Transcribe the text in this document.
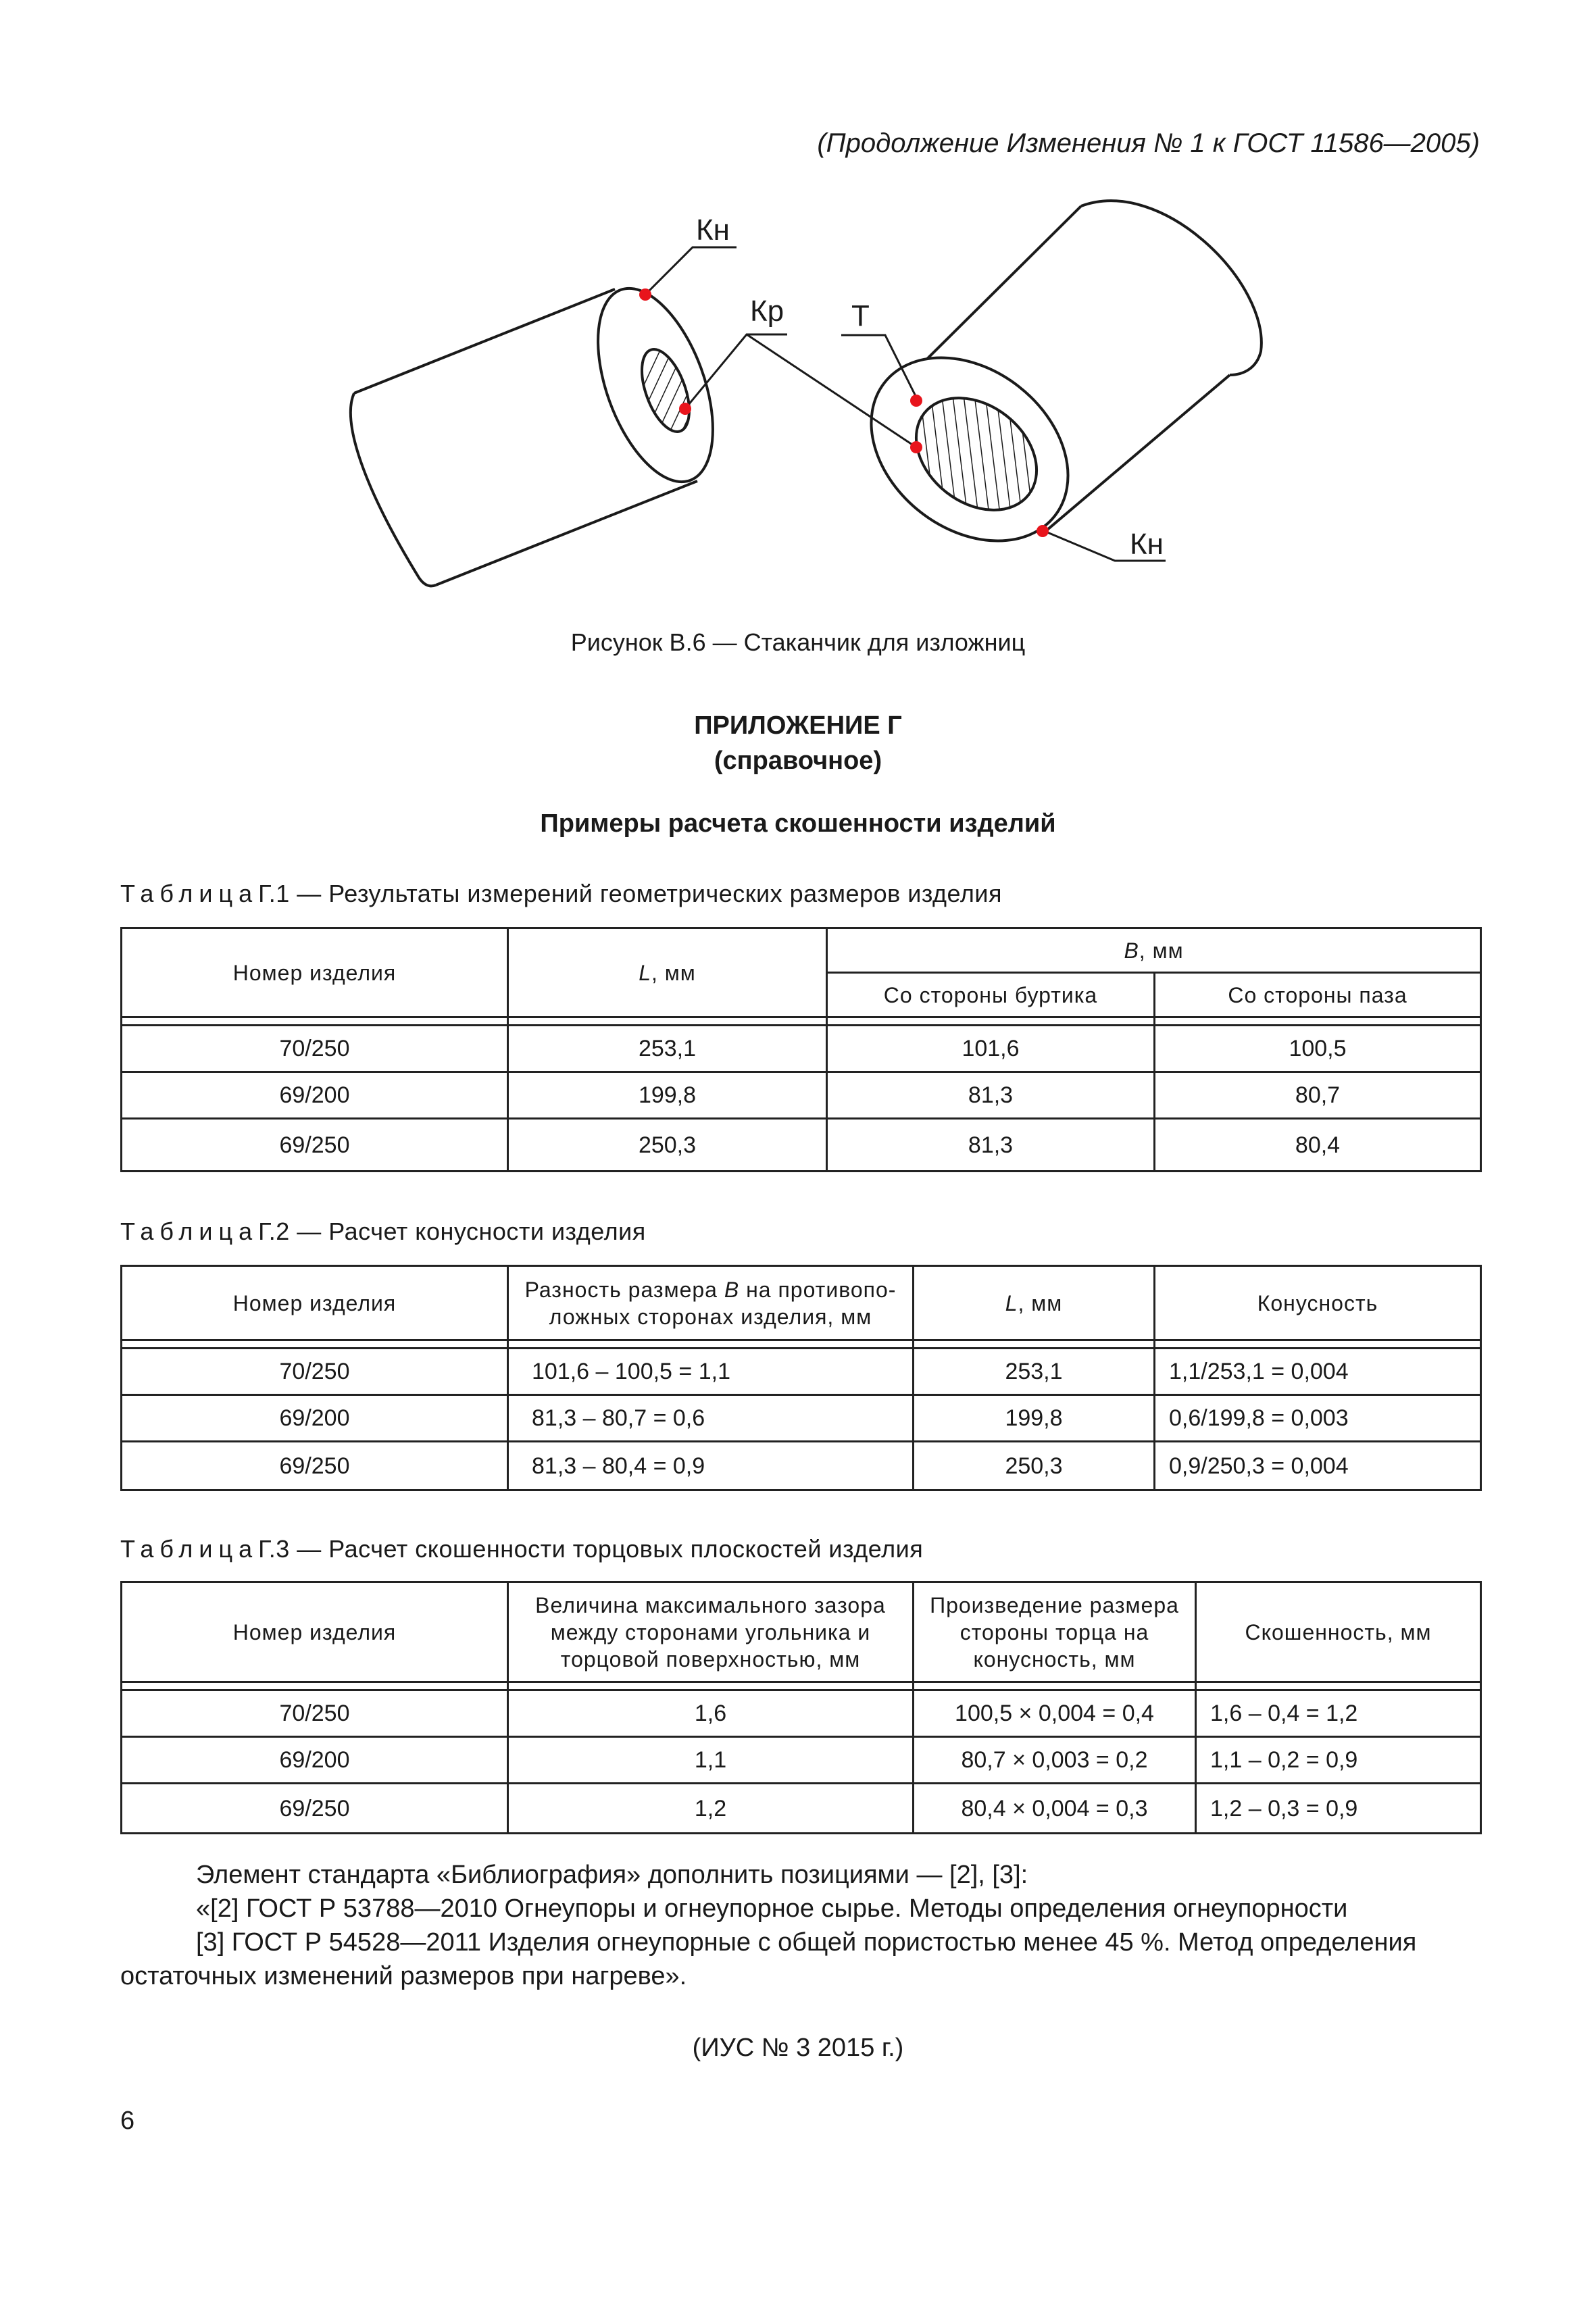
(Продолжение Изменения № 1 к ГОСТ 11586—2005)
Кн
Кр Т
Кн
Рисунок В.6 — Стаканчик для изложниц
ПРИЛОЖЕНИЕ Г
(справочное)
Примеры расчета скошенности изделий
ТаблицаГ.1 — Результаты измерений геометрических размеров изделия
Номер изделия	L, мм	B, мм	
		Со стороны буртика	Со стороны паза

70/250	253,1	101,6	100,5
69/200	199,8	81,3	80,7
69/250	250,3	81,3	80,4
ТаблицаГ.2 — Расчет конусности изделия
Номер изделия	Разность размера B на противопо-
ложных сторонах изделия, мм	L, мм	Конусность

70/250	101,6 – 100,5 = 1,1	253,1	1,1/253,1 = 0,004
69/200	81,3 – 80,7 = 0,6	199,8	0,6/199,8 = 0,003
69/250	81,3 – 80,4 = 0,9	250,3	0,9/250,3 = 0,004
ТаблицаГ.3 — Расчет скошенности торцовых плоскостей изделия
Номер изделия	Величина максимального зазора
между сторонами угольника и
торцовой поверхностью, мм	Произведение размера
стороны торца на
конусность, мм	Скошенность, мм

70/250	1,6	100,5 × 0,004 = 0,4	1,6 – 0,4 = 1,2
69/200	1,1	80,7 × 0,003 = 0,2	1,1 – 0,2 = 0,9
69/250	1,2	80,4 × 0,004 = 0,3	1,2 – 0,3 = 0,9

Элемент стандарта «Библиография» дополнить позициями — [2], [3]:

«[2] ГОСТ Р 53788—2010 Огнеупоры и огнеупорное сырье. Методы определения огнеупорности

[3] ГОСТ Р 54528—2011 Изделия огнеупорные с общей пористостью менее 45 %. Метод определения

остаточных изменений размеров при нагреве».

(ИУС № 3 2015 г.)
6
